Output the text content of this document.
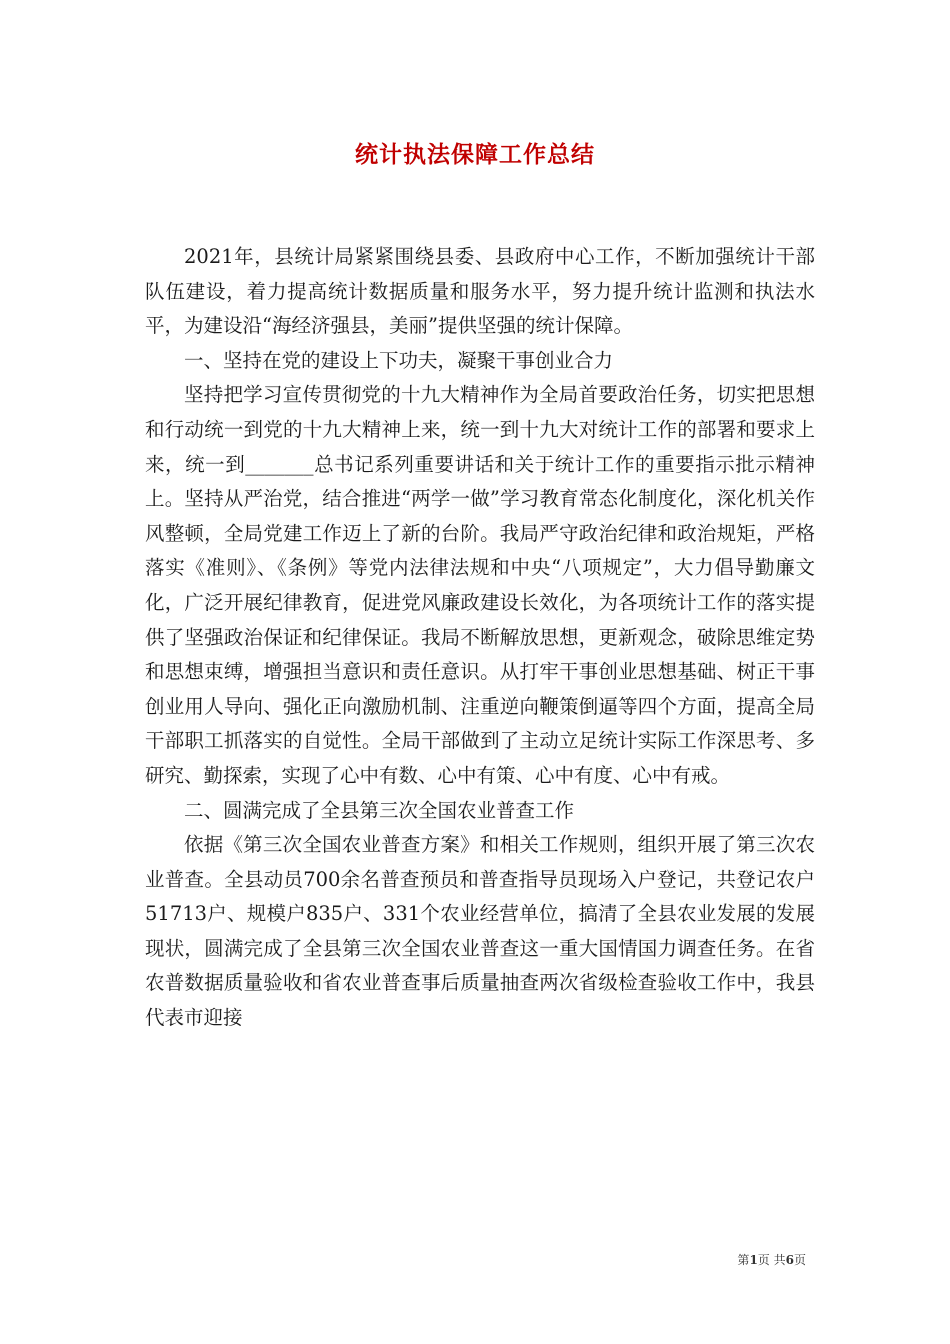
统计执法保障工作总结

2021年，县统计局紧紧围绕县委、县政府中心工作，不断加强统计干部队伍建设，着力提高统计数据质量和服务水平，努力提升统计监测和执法水平，为建设沿“海经济强县，美丽”提供坚强的统计保障。

一、坚持在党的建设上下功夫，凝聚干事创业合力

坚持把学习宣传贯彻党的十九大精神作为全局首要政治任务，切实把思想和行动统一到党的十九大精神上来，统一到十九大对统计工作的部署和要求上来，统一到_______总书记系列重要讲话和关于统计工作的重要指示批示精神上。坚持从严治党，结合推进“两学一做”学习教育常态化制度化，深化机关作风整顿，全局党建工作迈上了新的台阶。我局严守政治纪律和政治规矩，严格落实《准则》、《条例》等党内法律法规和中央“八项规定”，大力倡导勤廉文化，广泛开展纪律教育，促进党风廉政建设长效化，为各项统计工作的落实提供了坚强政治保证和纪律保证。我局不断解放思想，更新观念，破除思维定势和思想束缚，增强担当意识和责任意识。从打牢干事创业思想基础、树正干事创业用人导向、强化正向激励机制、注重逆向鞭策倒逼等四个方面，提高全局干部职工抓落实的自觉性。全局干部做到了主动立足统计实际工作深思考、多研究、勤探索，实现了心中有数、心中有策、心中有度、心中有戒。

二、圆满完成了全县第三次全国农业普查工作

依据《第三次全国农业普查方案》和相关工作规则，组织开展了第三次农业普查。全县动员700余名普查预员和普查指导员现场入户登记，共登记农户51713户、规模户835户、331个农业经营单位，搞清了全县农业发展的发展现状，圆满完成了全县第三次全国农业普查这一重大国情国力调查任务。在省农普数据质量验收和省农业普查事后质量抽查两次省级检查验收工作中，我县代表市迎接

第1页 共6页
